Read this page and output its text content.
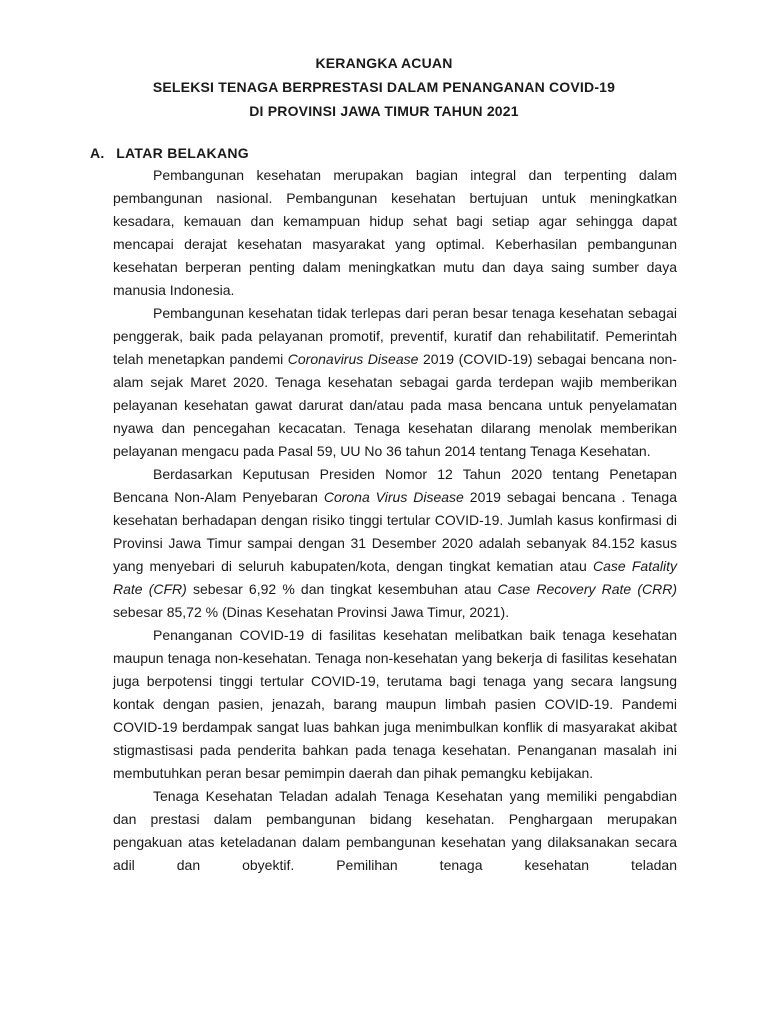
KERANGKA ACUAN
SELEKSI TENAGA BERPRESTASI DALAM PENANGANAN COVID-19
DI PROVINSI JAWA TIMUR TAHUN 2021
A. LATAR BELAKANG

Pembangunan kesehatan merupakan bagian integral dan terpenting dalam pembangunan nasional. Pembangunan kesehatan bertujuan untuk meningkatkan kesadara, kemauan dan kemampuan hidup sehat bagi setiap agar sehingga dapat mencapai derajat kesehatan masyarakat yang optimal. Keberhasilan pembangunan kesehatan berperan penting dalam meningkatkan mutu dan daya saing sumber daya manusia Indonesia.

Pembangunan kesehatan tidak terlepas dari peran besar tenaga kesehatan sebagai penggerak, baik pada pelayanan promotif, preventif, kuratif dan rehabilitatif. Pemerintah telah menetapkan pandemi Coronavirus Disease 2019 (COVID-19) sebagai bencana non-alam sejak Maret 2020. Tenaga kesehatan sebagai garda terdepan wajib memberikan pelayanan kesehatan gawat darurat dan/atau pada masa bencana untuk penyelamatan nyawa dan pencegahan kecacatan. Tenaga kesehatan dilarang menolak memberikan pelayanan mengacu pada Pasal 59, UU No 36 tahun 2014 tentang Tenaga Kesehatan.

Berdasarkan Keputusan Presiden Nomor 12 Tahun 2020 tentang Penetapan Bencana Non-Alam Penyebaran Corona Virus Disease 2019 sebagai bencana . Tenaga kesehatan berhadapan dengan risiko tinggi tertular COVID-19. Jumlah kasus konfirmasi di Provinsi Jawa Timur sampai dengan 31 Desember 2020 adalah sebanyak 84.152 kasus yang menyebari di seluruh kabupaten/kota, dengan tingkat kematian atau Case Fatality Rate (CFR) sebesar 6,92 % dan tingkat kesembuhan atau Case Recovery Rate (CRR) sebesar 85,72 % (Dinas Kesehatan Provinsi Jawa Timur, 2021).

Penanganan COVID-19 di fasilitas kesehatan melibatkan baik tenaga kesehatan maupun tenaga non-kesehatan. Tenaga non-kesehatan yang bekerja di fasilitas kesehatan juga berpotensi tinggi tertular COVID-19, terutama bagi tenaga yang secara langsung kontak dengan pasien, jenazah, barang maupun limbah pasien COVID-19. Pandemi COVID-19 berdampak sangat luas bahkan juga menimbulkan konflik di masyarakat akibat stigmastisasi pada penderita bahkan pada tenaga kesehatan. Penanganan masalah ini membutuhkan peran besar pemimpin daerah dan pihak pemangku kebijakan.

Tenaga Kesehatan Teladan adalah Tenaga Kesehatan yang memiliki pengabdian dan prestasi dalam pembangunan bidang kesehatan. Penghargaan merupakan pengakuan atas keteladanan dalam pembangunan kesehatan yang dilaksanakan secara adil dan obyektif. Pemilihan tenaga kesehatan teladan
